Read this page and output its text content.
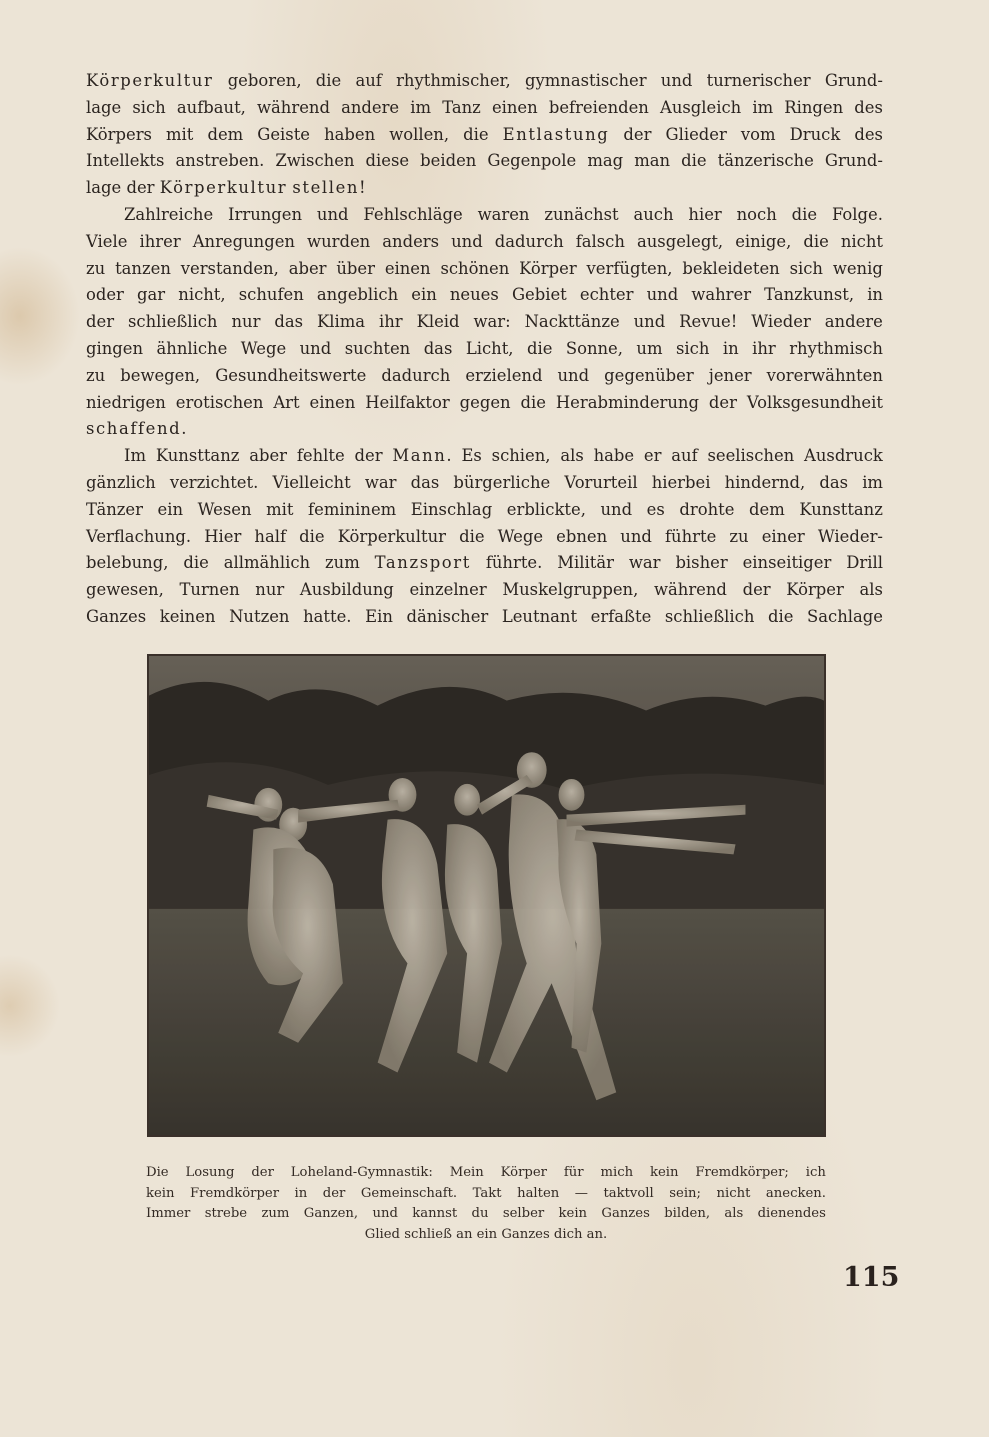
Körperkultur geboren, die auf rhythmischer, gymnastischer und turnerischer Grund-
lage sich aufbaut, während andere im Tanz einen befreienden Ausgleich im Ringen des
Körpers mit dem Geiste haben wollen, die Entlastung der Glieder vom Druck des
Intellekts anstreben. Zwischen diese beiden Gegenpole mag man die tänzerische Grund-
lage der Körperkultur stellen!
Zahlreiche Irrungen und Fehlschläge waren zunächst auch hier noch die Folge.
Viele ihrer Anregungen wurden anders und dadurch falsch ausgelegt, einige, die nicht
zu tanzen verstanden, aber über einen schönen Körper verfügten, bekleideten sich wenig
oder gar nicht, schufen angeblich ein neues Gebiet echter und wahrer Tanzkunst, in
der schließlich nur das Klima ihr Kleid war: Nackttänze und Revue! Wieder andere
gingen ähnliche Wege und suchten das Licht, die Sonne, um sich in ihr rhythmisch
zu bewegen, Gesundheitswerte dadurch erzielend und gegenüber jener vorerwähnten
niedrigen erotischen Art einen Heilfaktor gegen die Herabminderung der Volksgesundheit
schaffend.
Im Kunsttanz aber fehlte der Mann. Es schien, als habe er auf seelischen Ausdruck
gänzlich verzichtet. Vielleicht war das bürgerliche Vorurteil hierbei hindernd, das im
Tänzer ein Wesen mit femininem Einschlag erblickte, und es drohte dem Kunsttanz
Verflachung. Hier half die Körperkultur die Wege ebnen und führte zu einer Wieder-
belebung, die allmählich zum Tanzsport führte. Militär war bisher einseitiger Drill
gewesen, Turnen nur Ausbildung einzelner Muskelgruppen, während der Körper als
Ganzes keinen Nutzen hatte. Ein dänischer Leutnant erfaßte schließlich die Sachlage
Die Losung der Loheland-Gymnastik: Mein Körper für mich kein Fremdkörper; ich
kein Fremdkörper in der Gemeinschaft. Takt halten — taktvoll sein; nicht anecken.
Immer strebe zum Ganzen, und kannst du selber kein Ganzes bilden, als dienendes
Glied schließ an ein Ganzes dich an.
115
